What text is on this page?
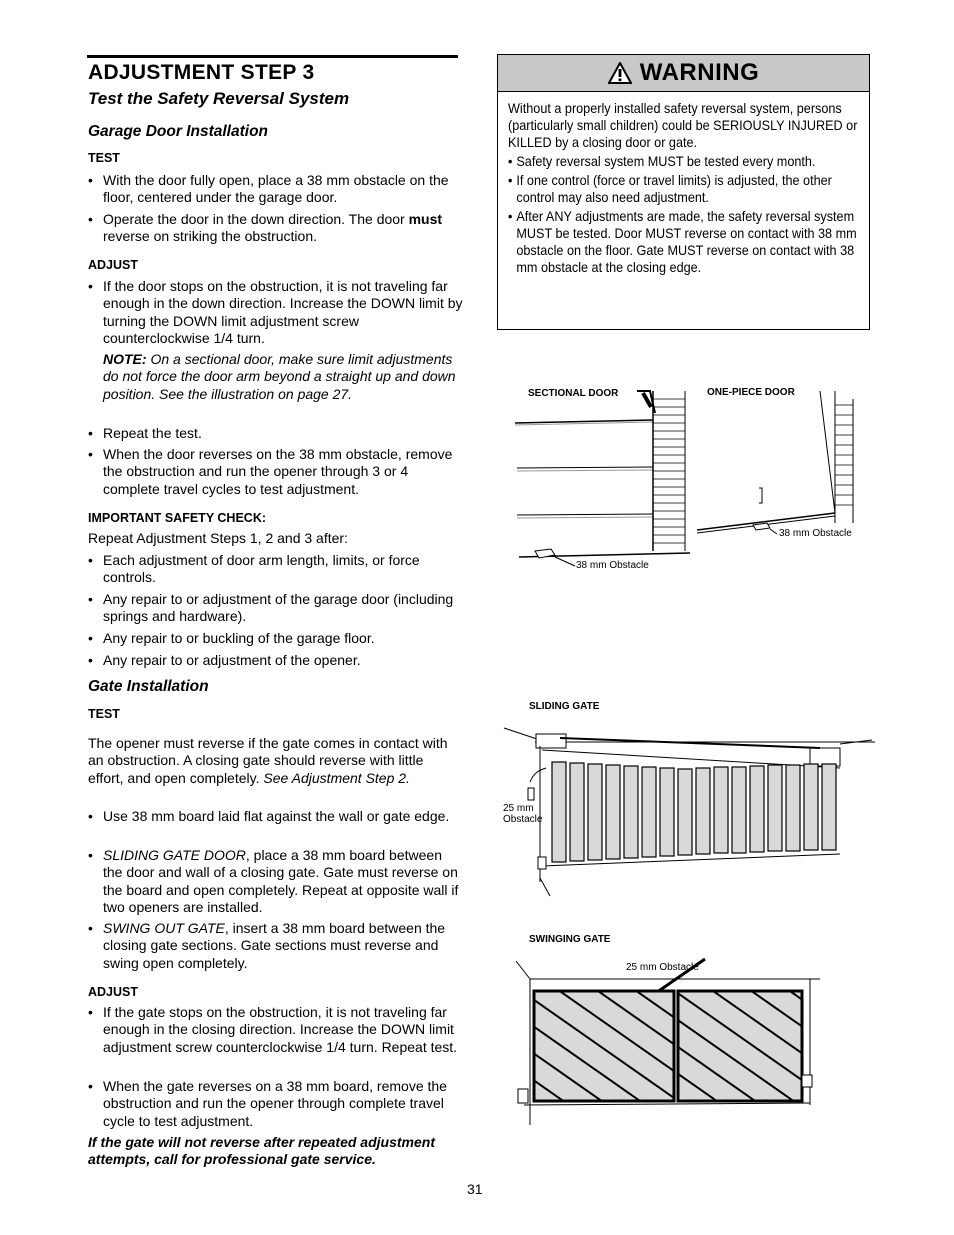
ADJUSTMENT STEP 3
Test the Safety Reversal System
Garage Door Installation
TEST
• With the door fully open, place a 38 mm obstacle on the floor, centered under the garage door.
• Operate the door in the down direction. The door must reverse on striking the obstruction.
ADJUST
• If the door stops on the obstruction, it is not traveling far enough in the down direction. Increase the DOWN limit by turning the DOWN limit adjustment screw counterclockwise 1/4 turn.
NOTE: On a sectional door, make sure limit adjustments do not force the door arm beyond a straight up and down position. See the illustration on page 27.
• Repeat the test.
• When the door reverses on the 38 mm obstacle, remove the obstruction and run the opener through 3 or 4 complete travel cycles to test adjustment.
IMPORTANT SAFETY CHECK:
Repeat Adjustment Steps 1, 2 and 3 after:
• Each adjustment of door arm length, limits, or force controls.
• Any repair to or adjustment of the garage door (including springs and hardware).
• Any repair to or buckling of the garage floor.
• Any repair to or adjustment of the opener.
Gate Installation
TEST
The opener must reverse if the gate comes in contact with an obstruction. A closing gate should reverse with little effort, and open completely. See Adjustment Step 2.
• Use 38 mm board laid flat against the wall or gate edge.
• SLIDING GATE DOOR, place a 38 mm board between the door and wall of a closing gate. Gate must reverse on the board and open completely. Repeat at opposite wall if two openers are installed.
• SWING OUT GATE, insert a 38 mm board between the closing gate sections. Gate sections must reverse and swing open completely.
ADJUST
• If the gate stops on the obstruction, it is not traveling far enough in the closing direction. Increase the DOWN limit adjustment screw counterclockwise 1/4 turn. Repeat test.
• When the gate reverses on a 38 mm board, remove the obstruction and run the opener through complete travel cycle to test adjustment.
If the gate will not reverse after repeated adjustment attempts, call for professional gate service.
WARNING

Without a properly installed safety reversal system, persons (particularly small children) could be SERIOUSLY INJURED or KILLED by a closing door or gate.

• Safety reversal system MUST be tested every month.
• If one control (force or travel limits) is adjusted, the other control may also need adjustment.
• After ANY adjustments are made, the safety reversal system MUST be tested. Door MUST reverse on contact with 38 mm obstacle on the floor. Gate MUST reverse on contact with 38 mm obstacle at the closing edge.
SECTIONAL DOOR	ONE-PIECE DOOR
38 mm Obstacle
38 mm Obstacle
SLIDING GATE
25 mm
Obstacle
SWINGING GATE
25 mm Obstacle
31
